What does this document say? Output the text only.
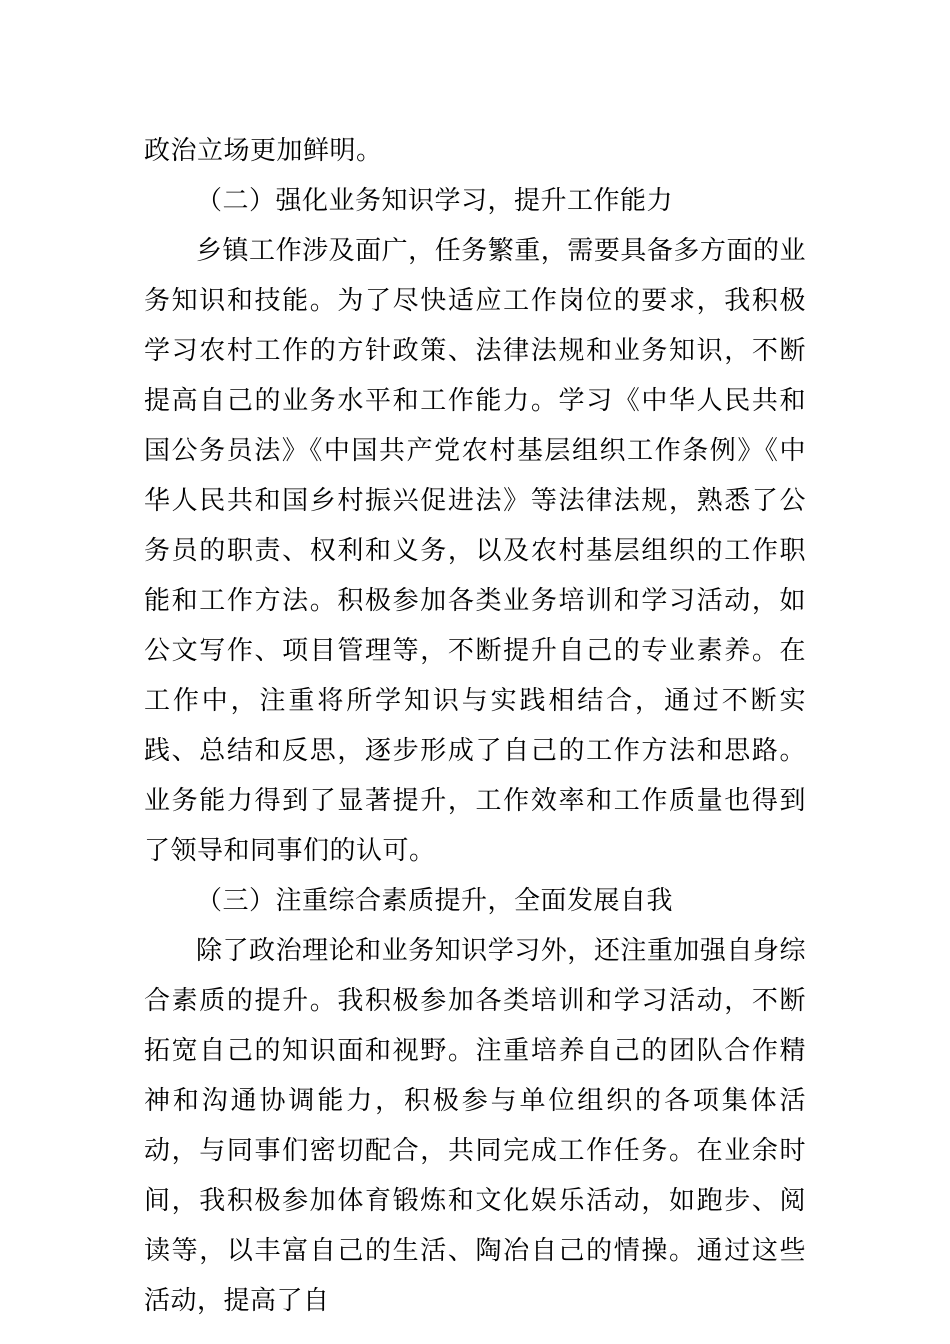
政治立场更加鲜明。

（二）强化业务知识学习，提升工作能力

乡镇工作涉及面广，任务繁重，需要具备多方面的业务知识和技能。为了尽快适应工作岗位的要求，我积极学习农村工作的方针政策、法律法规和业务知识，不断提高自己的业务水平和工作能力。学习《中华人民共和国公务员法》《中国共产党农村基层组织工作条例》《中华人民共和国乡村振兴促进法》等法律法规，熟悉了公务员的职责、权利和义务，以及农村基层组织的工作职能和工作方法。积极参加各类业务培训和学习活动，如公文写作、项目管理等，不断提升自己的专业素养。在工作中，注重将所学知识与实践相结合，通过不断实践、总结和反思，逐步形成了自己的工作方法和思路。业务能力得到了显著提升，工作效率和工作质量也得到了领导和同事们的认可。

（三）注重综合素质提升，全面发展自我

除了政治理论和业务知识学习外，还注重加强自身综合素质的提升。我积极参加各类培训和学习活动，不断拓宽自己的知识面和视野。注重培养自己的团队合作精神和沟通协调能力，积极参与单位组织的各项集体活动，与同事们密切配合，共同完成工作任务。在业余时间，我积极参加体育锻炼和文化娱乐活动，如跑步、阅读等，以丰富自己的生活、陶冶自己的情操。通过这些活动，提高了自
